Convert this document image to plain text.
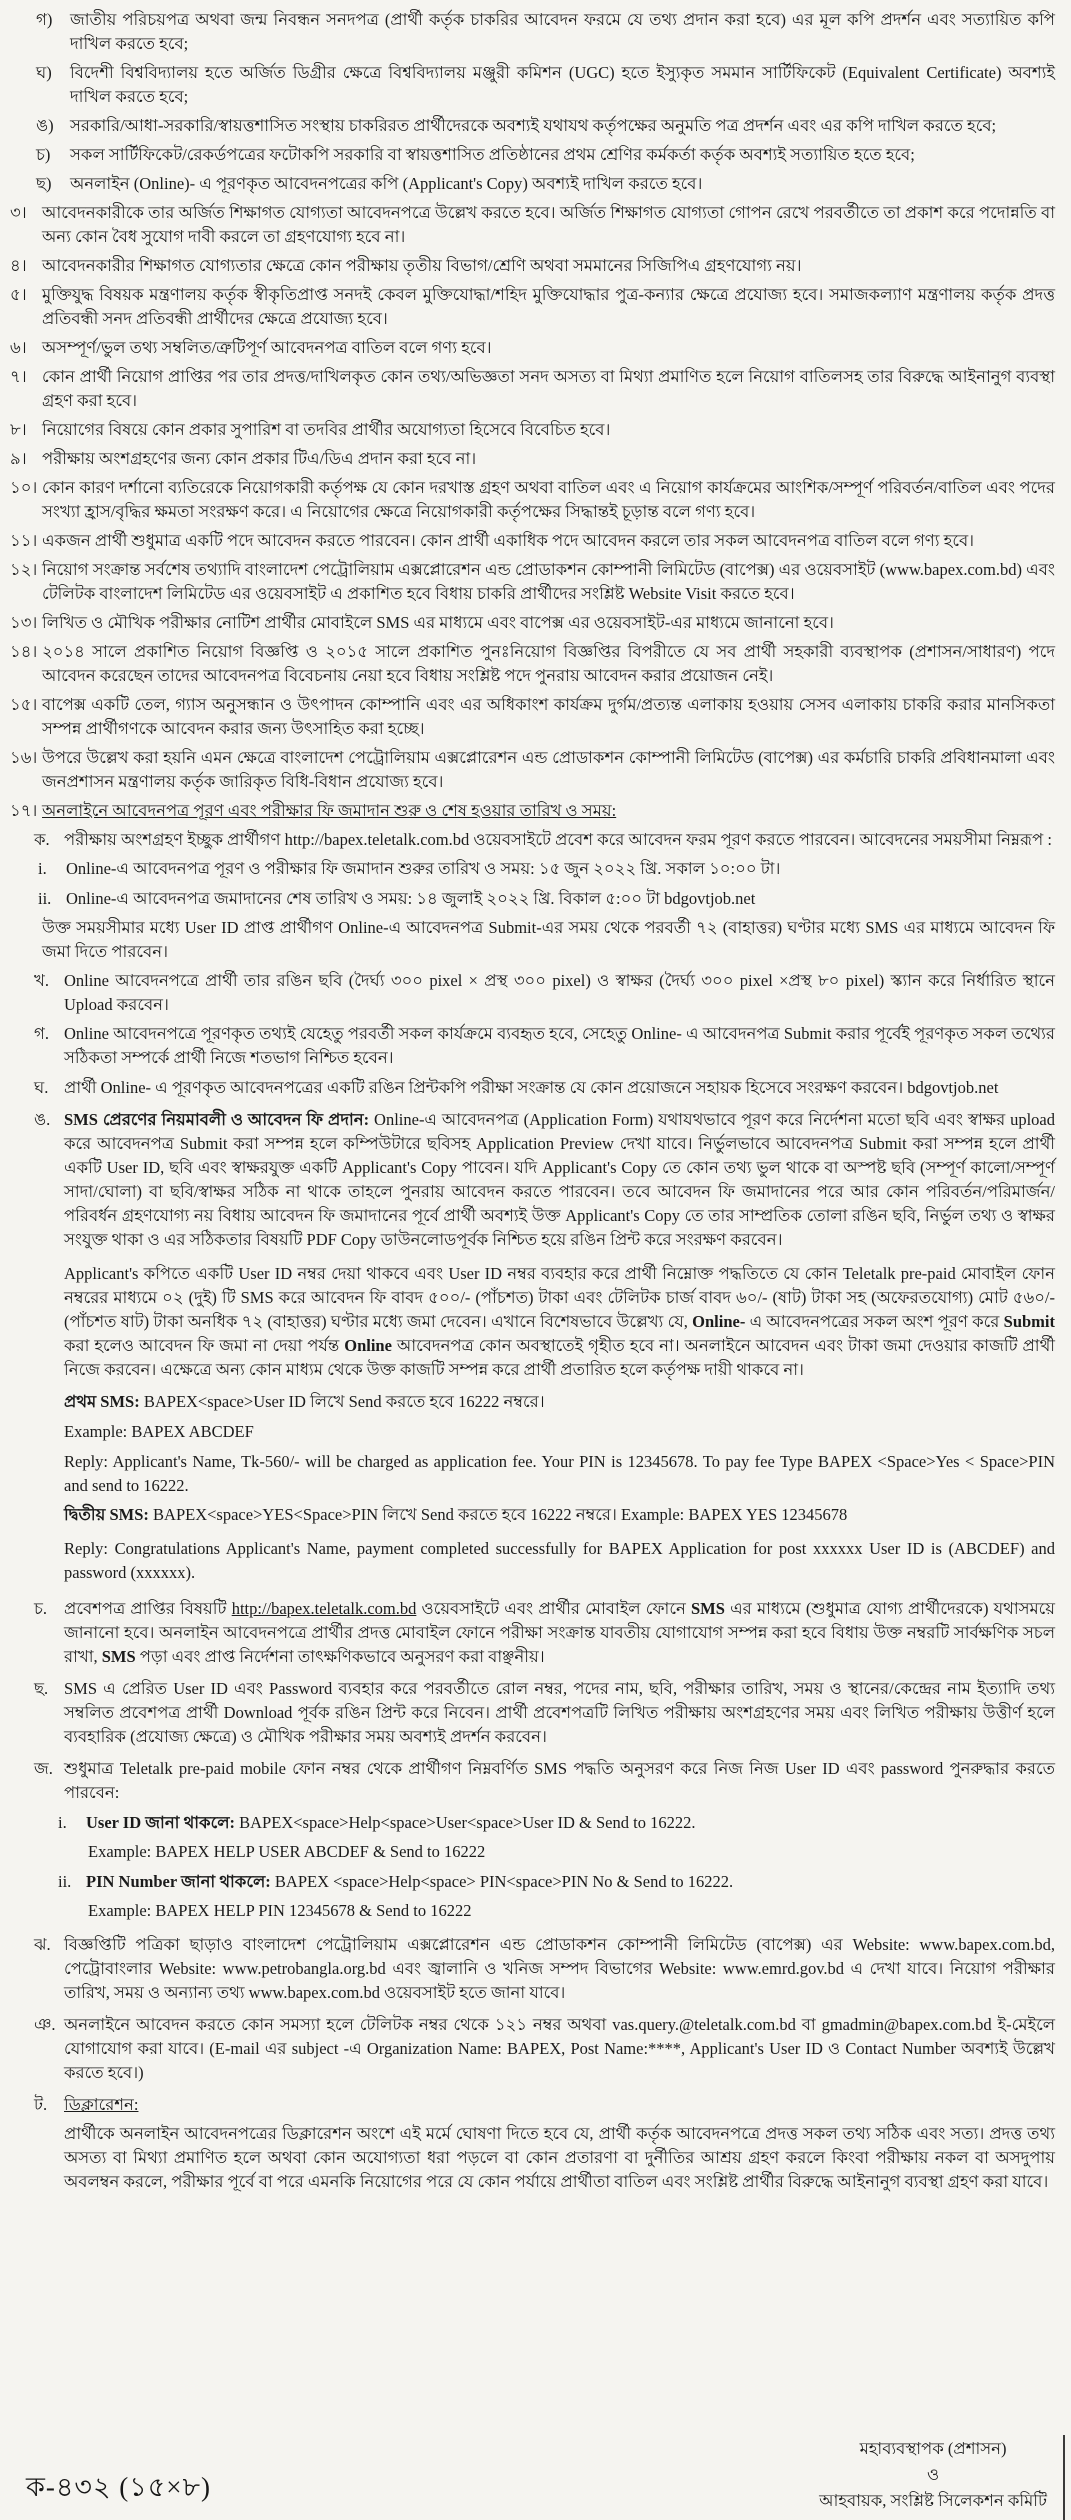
গ) জাতীয় পরিচয়পত্র অথবা জন্ম নিবন্ধন সনদপত্র (প্রার্থী কর্তৃক চাকরির আবেদন ফরমে যে তথ্য প্রদান করা হবে) এর মূল কপি প্রদর্শন এবং সত্যায়িত কপি দাখিল করতে হবে;
ঘ) বিদেশী বিশ্ববিদ্যালয় হতে অর্জিত ডিগ্রীর ক্ষেত্রে বিশ্ববিদ্যালয় মঞ্জুরী কমিশন (UGC) হতে ইস্যুকৃত সমমান সার্টিফিকেট (Equivalent Certificate) অবশ্যই দাখিল করতে হবে;
ঙ) সরকারি/আধা-সরকারি/স্বায়ত্তশাসিত সংস্থায় চাকরিরত প্রার্থীদেরকে অবশ্যই যথাযথ কর্তৃপক্ষের অনুমতি পত্র প্রদর্শন এবং এর কপি দাখিল করতে হবে;
চ) সকল সার্টিফিকেট/রেকর্ডপত্রের ফটোকপি সরকারি বা স্বায়ত্তশাসিত প্রতিষ্ঠানের প্রথম শ্রেণির কর্মকর্তা কর্তৃক অবশ্যই সত্যায়িত হতে হবে;
ছ) অনলাইন (Online)- এ পূরণকৃত আবেদনপত্রের কপি (Applicant's Copy) অবশ্যই দাখিল করতে হবে।
৩। আবেদনকারীকে তার অর্জিত শিক্ষাগত যোগ্যতা আবেদনপত্রে উল্লেখ করতে হবে। অর্জিত শিক্ষাগত যোগ্যতা গোপন রেখে পরবর্তীতে তা প্রকাশ করে পদোন্নতি বা অন্য কোন বৈধ সুযোগ দাবী করলে তা গ্রহণযোগ্য হবে না।
৪। আবেদনকারীর শিক্ষাগত যোগ্যতার ক্ষেত্রে কোন পরীক্ষায় তৃতীয় বিভাগ/শ্রেণি অথবা সমমানের সিজিপিএ গ্রহণযোগ্য নয়।
৫। মুক্তিযুদ্ধ বিষয়ক মন্ত্রণালয় কর্তৃক স্বীকৃতিপ্রাপ্ত সনদই কেবল মুক্তিযোদ্ধা/শহিদ মুক্তিযোদ্ধার পুত্র-কন্যার ক্ষেত্রে প্রযোজ্য হবে। সমাজকল্যাণ মন্ত্রণালয় কর্তৃক প্রদত্ত প্রতিবন্ধী সনদ প্রতিবন্ধী প্রার্থীদের ক্ষেত্রে প্রযোজ্য হবে।
৬। অসম্পূর্ণ/ভুল তথ্য সম্বলিত/ত্রুটিপূর্ণ আবেদনপত্র বাতিল বলে গণ্য হবে।
৭। কোন প্রার্থী নিয়োগ প্রাপ্তির পর তার প্রদত্ত/দাখিলকৃত কোন তথ্য/অভিজ্ঞতা সনদ অসত্য বা মিথ্যা প্রমাণিত হলে নিয়োগ বাতিলসহ তার বিরুদ্ধে আইনানুগ ব্যবস্থা গ্রহণ করা হবে।
৮। নিয়োগের বিষয়ে কোন প্রকার সুপারিশ বা তদবির প্রার্থীর অযোগ্যতা হিসেবে বিবেচিত হবে।
৯। পরীক্ষায় অংশগ্রহণের জন্য কোন প্রকার টিএ/ডিএ প্রদান করা হবে না।
১০। কোন কারণ দর্শানো ব্যতিরেকে নিয়োগকারী কর্তৃপক্ষ যে কোন দরখাস্ত গ্রহণ অথবা বাতিল এবং এ নিয়োগ কার্যক্রমের আংশিক/সম্পূর্ণ পরিবর্তন/বাতিল এবং পদের সংখ্যা হ্রাস/বৃদ্ধির ক্ষমতা সংরক্ষণ করে। এ নিয়োগের ক্ষেত্রে নিয়োগকারী কর্তৃপক্ষের সিদ্ধান্তই চূড়ান্ত বলে গণ্য হবে।
১১। একজন প্রার্থী শুধুমাত্র একটি পদে আবেদন করতে পারবেন। কোন প্রার্থী একাধিক পদে আবেদন করলে তার সকল আবেদনপত্র বাতিল বলে গণ্য হবে।
১২। নিয়োগ সংক্রান্ত সর্বশেষ তথ্যাদি বাংলাদেশ পেট্রোলিয়াম এক্সপ্লোরেশন এন্ড প্রোডাকশন কোম্পানী লিমিটেড (বাপেক্স) এর ওয়েবসাইট (www.bapex.com.bd) এবং টেলিটক বাংলাদেশ লিমিটেড এর ওয়েবসাইট এ প্রকাশিত হবে বিধায় চাকরি প্রার্থীদের সংশ্লিষ্ট Website Visit করতে হবে।
১৩। লিখিত ও মৌখিক পরীক্ষার নোটিশ প্রার্থীর মোবাইলে SMS এর মাধ্যমে এবং বাপেক্স এর ওয়েবসাইট-এর মাধ্যমে জানানো হবে।
১৪। ২০১৪ সালে প্রকাশিত নিয়োগ বিজ্ঞপ্তি ও ২০১৫ সালে প্রকাশিত পুনঃনিয়োগ বিজ্ঞপ্তির বিপরীতে যে সব প্রার্থী সহকারী ব্যবস্থাপক (প্রশাসন/সাধারণ) পদে আবেদন করেছেন তাদের আবেদনপত্র বিবেচনায় নেয়া হবে বিধায় সংশ্লিষ্ট পদে পুনরায় আবেদন করার প্রয়োজন নেই।
১৫। বাপেক্স একটি তেল, গ্যাস অনুসন্ধান ও উৎপাদন কোম্পানি এবং এর অধিকাংশ কার্যক্রম দুর্গম/প্রত্যন্ত এলাকায় হওয়ায় সেসব এলাকায় চাকরি করার মানসিকতা সম্পন্ন প্রার্থীগণকে আবেদন করার জন্য উৎসাহিত করা হচ্ছে।
১৬। উপরে উল্লেখ করা হয়নি এমন ক্ষেত্রে বাংলাদেশ পেট্রোলিয়াম এক্সপ্লোরেশন এন্ড প্রোডাকশন কোম্পানী লিমিটেড (বাপেক্স) এর কর্মচারি চাকরি প্রবিধানমালা এবং জনপ্রশাসন মন্ত্রণালয় কর্তৃক জারিকৃত বিধি-বিধান প্রযোজ্য হবে।
১৭। অনলাইনে আবেদনপত্র পূরণ এবং পরীক্ষার ফি জমাদান শুরু ও শেষ হওয়ার তারিখ ও সময়:
ক. পরীক্ষায় অংশগ্রহণ ইচ্ছুক প্রার্থীগণ http://bapex.teletalk.com.bd ওয়েবসাইটে প্রবেশ করে আবেদন ফরম পূরণ করতে পারবেন। আবেদনের সময়সীমা নিম্নরূপ :
i. Online-এ আবেদনপত্র পূরণ ও পরীক্ষার ফি জমাদান শুরুর তারিখ ও সময়: ১৫ জুন ২০২২ খ্রি. সকাল ১০:০০ টা।
ii. Online-এ আবেদনপত্র জমাদানের শেষ তারিখ ও সময়: ১৪ জুলাই ২০২২ খ্রি. বিকাল ৫:০০ টা bdgovtjob.net
উক্ত সময়সীমার মধ্যে User ID প্রাপ্ত প্রার্থীগণ Online-এ আবেদনপত্র Submit-এর সময় থেকে পরবর্তী ৭২ (বাহাত্তর) ঘণ্টার মধ্যে SMS এর মাধ্যমে আবেদন ফি জমা দিতে পারবেন।
খ. Online আবেদনপত্রে প্রার্থী তার রঙিন ছবি (দৈর্ঘ্য ৩০০ pixel × প্রস্থ ৩০০ pixel) ও স্বাক্ষর (দৈর্ঘ্য ৩০০ pixel ×প্রস্থ ৮০ pixel) স্ক্যান করে নির্ধারিত স্থানে Upload করবেন।
গ. Online আবেদনপত্রে পূরণকৃত তথ্যই যেহেতু পরবর্তী সকল কার্যক্রমে ব্যবহৃত হবে, সেহেতু Online- এ আবেদনপত্র Submit করার পূর্বেই পূরণকৃত সকল তথ্যের সঠিকতা সম্পর্কে প্রার্থী নিজে শতভাগ নিশ্চিত হবেন।
ঘ. প্রার্থী Online- এ পূরণকৃত আবেদনপত্রের একটি রঙিন প্রিন্টকপি পরীক্ষা সংক্রান্ত যে কোন প্রয়োজনে সহায়ক হিসেবে সংরক্ষণ করবেন। bdgovtjob.net
ঙ. SMS প্রেরণের নিয়মাবলী ও আবেদন ফি প্রদান: Online-এ আবেদনপত্র (Application Form) যথাযথভাবে পূরণ করে নির্দেশনা মতো ছবি এবং স্বাক্ষর upload করে আবেদনপত্র Submit করা সম্পন্ন হলে কম্পিউটারে ছবিসহ Application Preview দেখা যাবে। নির্ভুলভাবে আবেদনপত্র Submit করা সম্পন্ন হলে প্রার্থী একটি User ID, ছবি এবং স্বাক্ষরযুক্ত একটি Applicant's Copy পাবেন। যদি Applicant's Copy তে কোন তথ্য ভুল থাকে বা অস্পষ্ট ছবি (সম্পূর্ণ কালো/সম্পূর্ণ সাদা/ঘোলা) বা ছবি/স্বাক্ষর সঠিক না থাকে তাহলে পুনরায় আবেদন করতে পারবেন। তবে আবেদন ফি জমাদানের পরে আর কোন পরিবর্তন/পরিমার্জন/পরিবর্ধন গ্রহণযোগ্য নয় বিধায় আবেদন ফি জমাদানের পূর্বে প্রার্থী অবশ্যই উক্ত Applicant's Copy তে তার সাম্প্রতিক তোলা রঙিন ছবি, নির্ভুল তথ্য ও স্বাক্ষর সংযুক্ত থাকা ও এর সঠিকতার বিষয়টি PDF Copy ডাউনলোডপূর্বক নিশ্চিত হয়ে রঙিন প্রিন্ট করে সংরক্ষণ করবেন।
Applicant's কপিতে একটি User ID নম্বর দেয়া থাকবে এবং User ID নম্বর ব্যবহার করে প্রার্থী নিম্নোক্ত পদ্ধতিতে যে কোন Teletalk pre-paid মোবাইল ফোন নম্বরের মাধ্যমে ০২ (দুই) টি SMS করে আবেদন ফি বাবদ ৫০০/- (পাঁচশত) টাকা এবং টেলিটক চার্জ বাবদ ৬০/- (ষাট) টাকা সহ (অফেরতযোগ্য) মোট ৫৬০/- (পাঁচশত ষাট) টাকা অনধিক ৭২ (বাহাত্তর) ঘণ্টার মধ্যে জমা দেবেন। এখানে বিশেষভাবে উল্লেখ্য যে, Online- এ আবেদনপত্রের সকল অংশ পূরণ করে Submit করা হলেও আবেদন ফি জমা না দেয়া পর্যন্ত Online আবেদনপত্র কোন অবস্থাতেই গৃহীত হবে না। অনলাইনে আবেদন এবং টাকা জমা দেওয়ার কাজটি প্রার্থী নিজে করবেন। এক্ষেত্রে অন্য কোন মাধ্যম থেকে উক্ত কাজটি সম্পন্ন করে প্রার্থী প্রতারিত হলে কর্তৃপক্ষ দায়ী থাকবে না।
প্রথম SMS: BAPEX<space>User ID লিখে Send করতে হবে 16222 নম্বরে।
Example: BAPEX ABCDEF
Reply: Applicant's Name, Tk-560/- will be charged as application fee. Your PIN is 12345678. To pay fee Type BAPEX <Space>Yes < Space>PIN and send to 16222.
দ্বিতীয় SMS: BAPEX<space>YES<Space>PIN লিখে Send করতে হবে 16222 নম্বরে। Example: BAPEX YES 12345678
Reply: Congratulations Applicant's Name, payment completed successfully for BAPEX Application for post xxxxxx User ID is (ABCDEF) and password (xxxxxx).
চ. প্রবেশপত্র প্রাপ্তির বিষয়টি http://bapex.teletalk.com.bd ওয়েবসাইটে এবং প্রার্থীর মোবাইল ফোনে SMS এর মাধ্যমে (শুধুমাত্র যোগ্য প্রার্থীদেরকে) যথাসময়ে জানানো হবে। অনলাইন আবেদনপত্রে প্রার্থীর প্রদত্ত মোবাইল ফোনে পরীক্ষা সংক্রান্ত যাবতীয় যোগাযোগ সম্পন্ন করা হবে বিধায় উক্ত নম্বরটি সার্বক্ষণিক সচল রাখা, SMS পড়া এবং প্রাপ্ত নির্দেশনা তাৎক্ষণিকভাবে অনুসরণ করা বাঞ্ছনীয়।
ছ. SMS এ প্রেরিত User ID এবং Password ব্যবহার করে পরবর্তীতে রোল নম্বর, পদের নাম, ছবি, পরীক্ষার তারিখ, সময় ও স্থানের/কেন্দ্রের নাম ইত্যাদি তথ্য সম্বলিত প্রবেশপত্র প্রার্থী Download পূর্বক রঙিন প্রিন্ট করে নিবেন। প্রার্থী প্রবেশপত্রটি লিখিত পরীক্ষায় অংশগ্রহণের সময় এবং লিখিত পরীক্ষায় উত্তীর্ণ হলে ব্যবহারিক (প্রযোজ্য ক্ষেত্রে) ও মৌখিক পরীক্ষার সময় অবশ্যই প্রদর্শন করবেন।
জ. শুধুমাত্র Teletalk pre-paid mobile ফোন নম্বর থেকে প্রার্থীগণ নিম্নবর্ণিত SMS পদ্ধতি অনুসরণ করে নিজ নিজ User ID এবং password পুনরুদ্ধার করতে পারবেন:
i. User ID জানা থাকলে: BAPEX<space>Help<space>User<space>User ID & Send to 16222.
Example: BAPEX HELP USER ABCDEF & Send to 16222
ii. PIN Number জানা থাকলে: BAPEX <space>Help<space> PIN<space>PIN No & Send to 16222.
Example: BAPEX HELP PIN 12345678 & Send to 16222
ঝ. বিজ্ঞপ্তিটি পত্রিকা ছাড়াও বাংলাদেশ পেট্রোলিয়াম এক্সপ্লোরেশন এন্ড প্রোডাকশন কোম্পানী লিমিটেড (বাপেক্স) এর Website: www.bapex.com.bd, পেট্রোবাংলার Website: www.petrobangla.org.bd এবং জ্বালানি ও খনিজ সম্পদ বিভাগের Website: www.emrd.gov.bd এ দেখা যাবে। নিয়োগ পরীক্ষার তারিখ, সময় ও অন্যান্য তথ্য www.bapex.com.bd ওয়েবসাইট হতে জানা যাবে।
ঞ. অনলাইনে আবেদন করতে কোন সমস্যা হলে টেলিটক নম্বর থেকে ১২১ নম্বর অথবা vas.query.@teletalk.com.bd বা gmadmin@bapex.com.bd ই-মেইলে যোগাযোগ করা যাবে। (E-mail এর subject -এ Organization Name: BAPEX, Post Name:****, Applicant's User ID ও Contact Number অবশ্যই উল্লেখ করতে হবে।)
ট. ডিক্লারেশন:
প্রার্থীকে অনলাইন আবেদনপত্রের ডিক্লারেশন অংশে এই মর্মে ঘোষণা দিতে হবে যে, প্রার্থী কর্তৃক আবেদনপত্রে প্রদত্ত সকল তথ্য সঠিক এবং সত্য। প্রদত্ত তথ্য অসত্য বা মিথ্যা প্রমাণিত হলে অথবা কোন অযোগ্যতা ধরা পড়লে বা কোন প্রতারণা বা দুর্নীতির আশ্রয় গ্রহণ করলে কিংবা পরীক্ষায় নকল বা অসদুপায় অবলম্বন করলে, পরীক্ষার পূর্বে বা পরে এমনকি নিয়োগের পরে যে কোন পর্যায়ে প্রার্থীতা বাতিল এবং সংশ্লিষ্ট প্রার্থীর বিরুদ্ধে আইনানুগ ব্যবস্থা গ্রহণ করা যাবে।
ক-৪৩২ (১৫×৮)
মহাব্যবস্থাপক (প্রশাসন)
ও
আহবায়ক, সংশ্লিষ্ট সিলেকশন কমিটি
